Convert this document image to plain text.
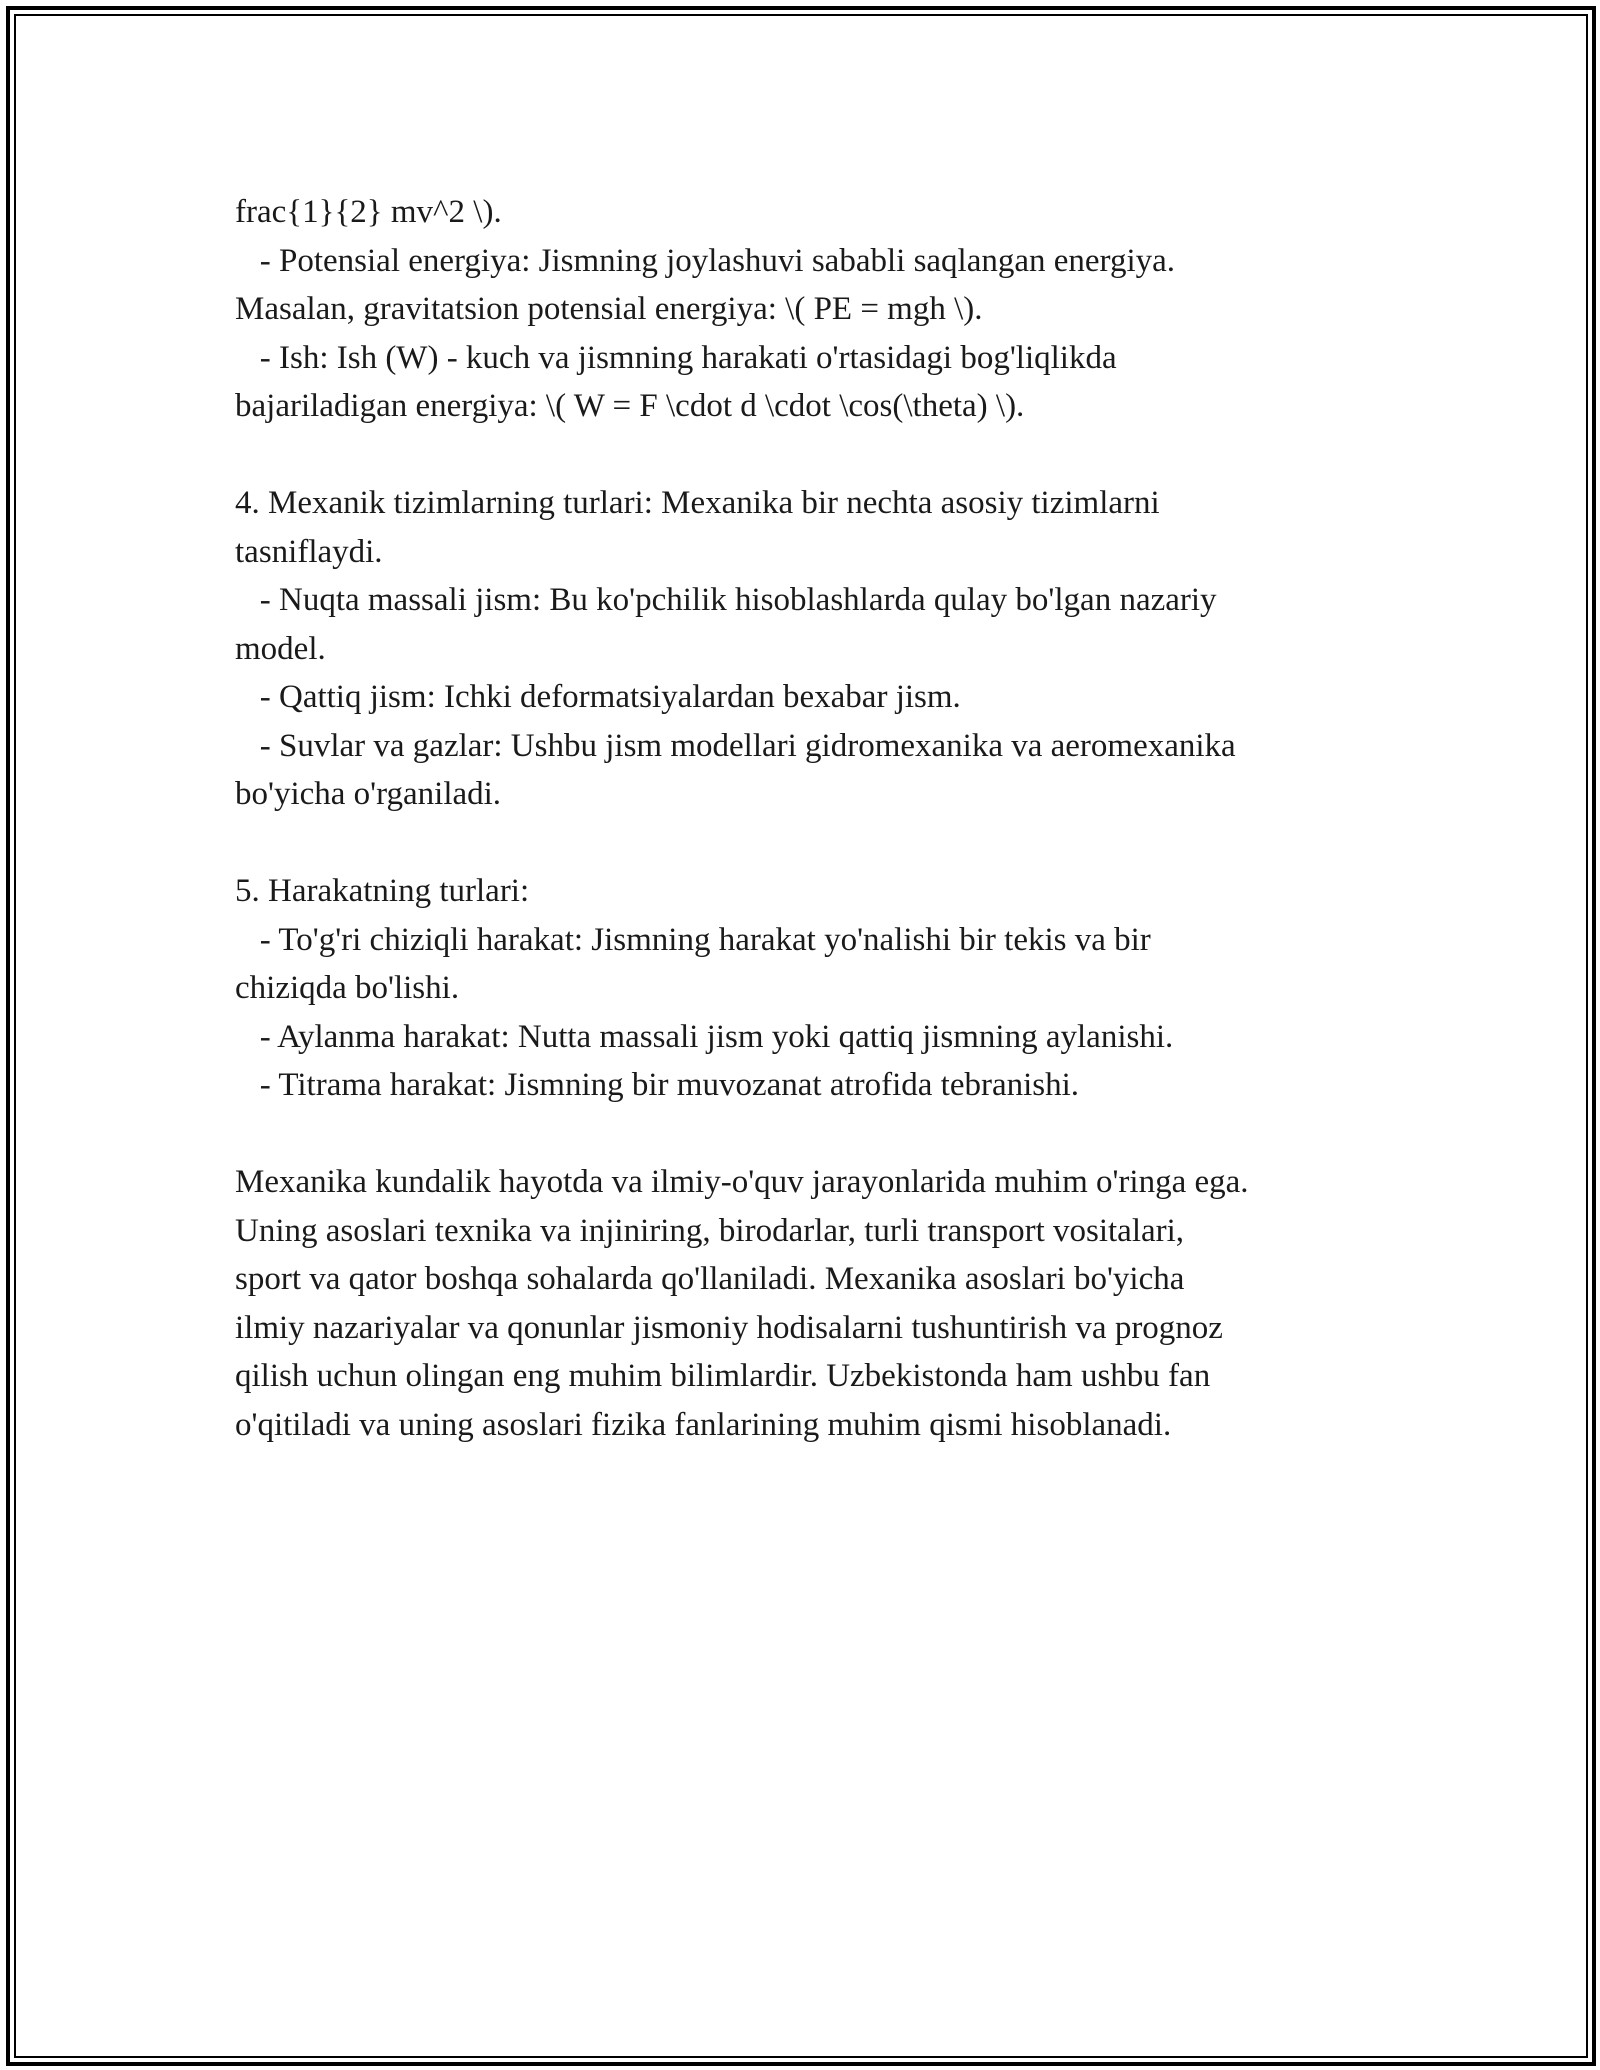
frac{1}{2} mv^2 \).
- Potensial energiya: Jismning joylashuvi sababli saqlangan energiya.
Masalan, gravitatsion potensial energiya: \( PE = mgh \).
- Ish: Ish (W) - kuch va jismning harakati o'rtasidagi bog'liqlikda
bajariladigan energiya: \( W = F \cdot d \cdot \cos(\theta) \).
4. Mexanik tizimlarning turlari: Mexanika bir nechta asosiy tizimlarni
tasniflaydi.
- Nuqta massali jism: Bu ko'pchilik hisoblashlarda qulay bo'lgan nazariy
model.
- Qattiq jism: Ichki deformatsiyalardan bexabar jism.
- Suvlar va gazlar: Ushbu jism modellari gidromexanika va aeromexanika
bo'yicha o'rganiladi.
5. Harakatning turlari:
- To'g'ri chiziqli harakat: Jismning harakat yo'nalishi bir tekis va bir
chiziqda bo'lishi.
- Aylanma harakat: Nutta massali jism yoki qattiq jismning aylanishi.
- Titrama harakat: Jismning bir muvozanat atrofida tebranishi.
Mexanika kundalik hayotda va ilmiy-o'quv jarayonlarida muhim o'ringa ega.
Uning asoslari texnika va injiniring, birodarlar, turli transport vositalari,
sport va qator boshqa sohalarda qo'llaniladi. Mexanika asoslari bo'yicha
ilmiy nazariyalar va qonunlar jismoniy hodisalarni tushuntirish va prognoz
qilish uchun olingan eng muhim bilimlardir. Uzbekistonda ham ushbu fan
o'qitiladi va uning asoslari fizika fanlarining muhim qismi hisoblanadi.
